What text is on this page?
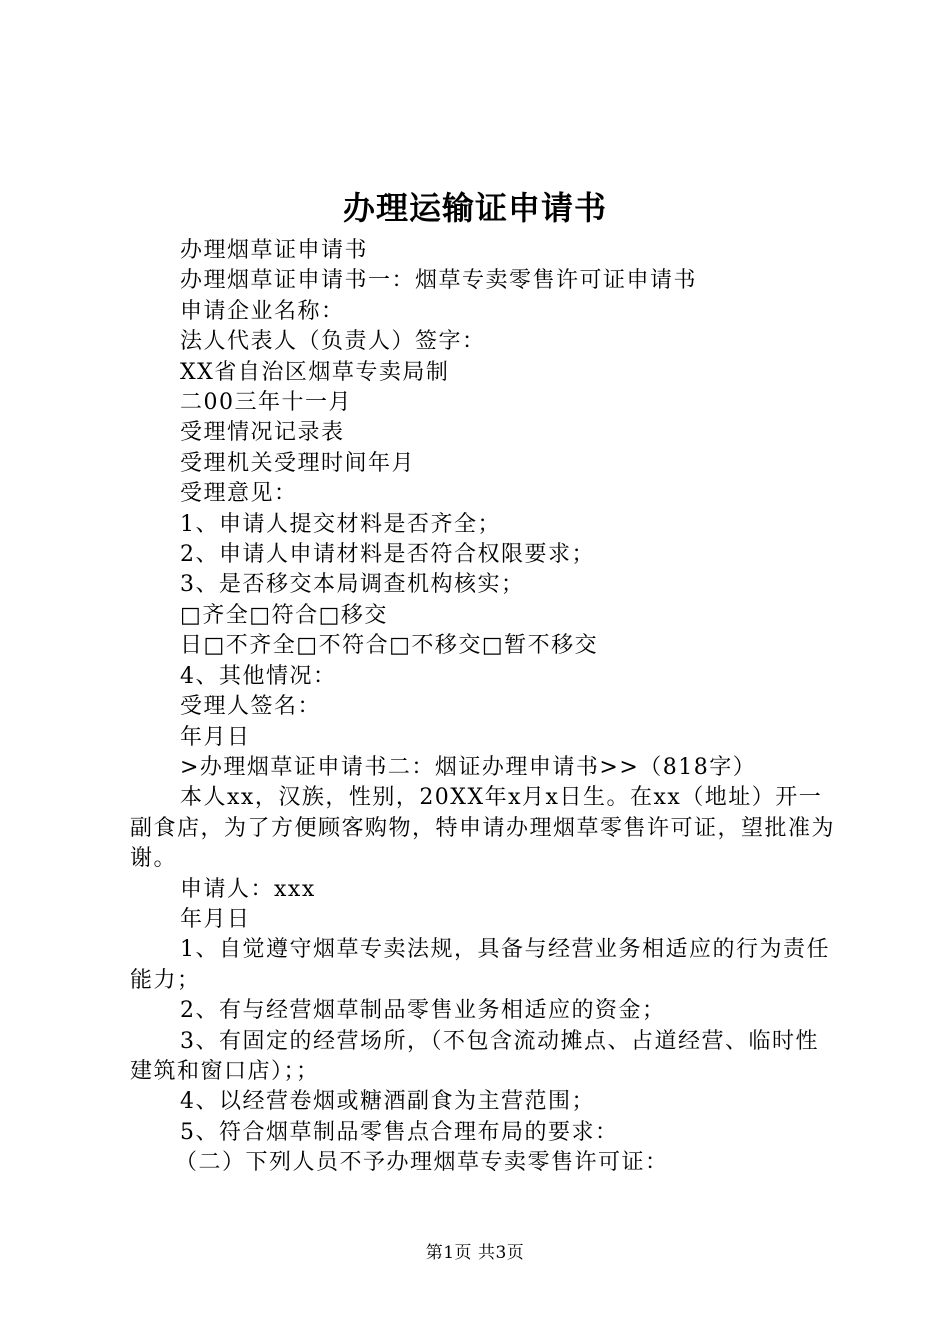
办理运输证申请书

办理烟草证申请书

办理烟草证申请书一：烟草专卖零售许可证申请书

申请企业名称：

法人代表人（负责人）签字：

XX省自治区烟草专卖局制

二00三年十一月

受理情况记录表

受理机关受理时间年月

受理意见：

1、申请人提交材料是否齐全；

2、申请人申请材料是否符合权限要求；

3、是否移交本局调查机构核实；

□齐全□符合□移交

日□不齐全□不符合□不移交□暂不移交

4、其他情况：

受理人签名：

年月日

>办理烟草证申请书二：烟证办理申请书>>（818字）

本人xx，汉族，性别，20XX年x月x日生。在xx（地址）开一副食店，为了方便顾客购物，特申请办理烟草零售许可证，望批准为谢。

申请人：xxx

年月日

1、自觉遵守烟草专卖法规，具备与经营业务相适应的行为责任能力；

2、有与经营烟草制品零售业务相适应的资金；

3、有固定的经营场所，（不包含流动摊点、占道经营、临时性建筑和窗口店）；；

4、以经营卷烟或糖酒副食为主营范围；

5、符合烟草制品零售点合理布局的要求：

（二）下列人员不予办理烟草专卖零售许可证：

第1页 共3页
